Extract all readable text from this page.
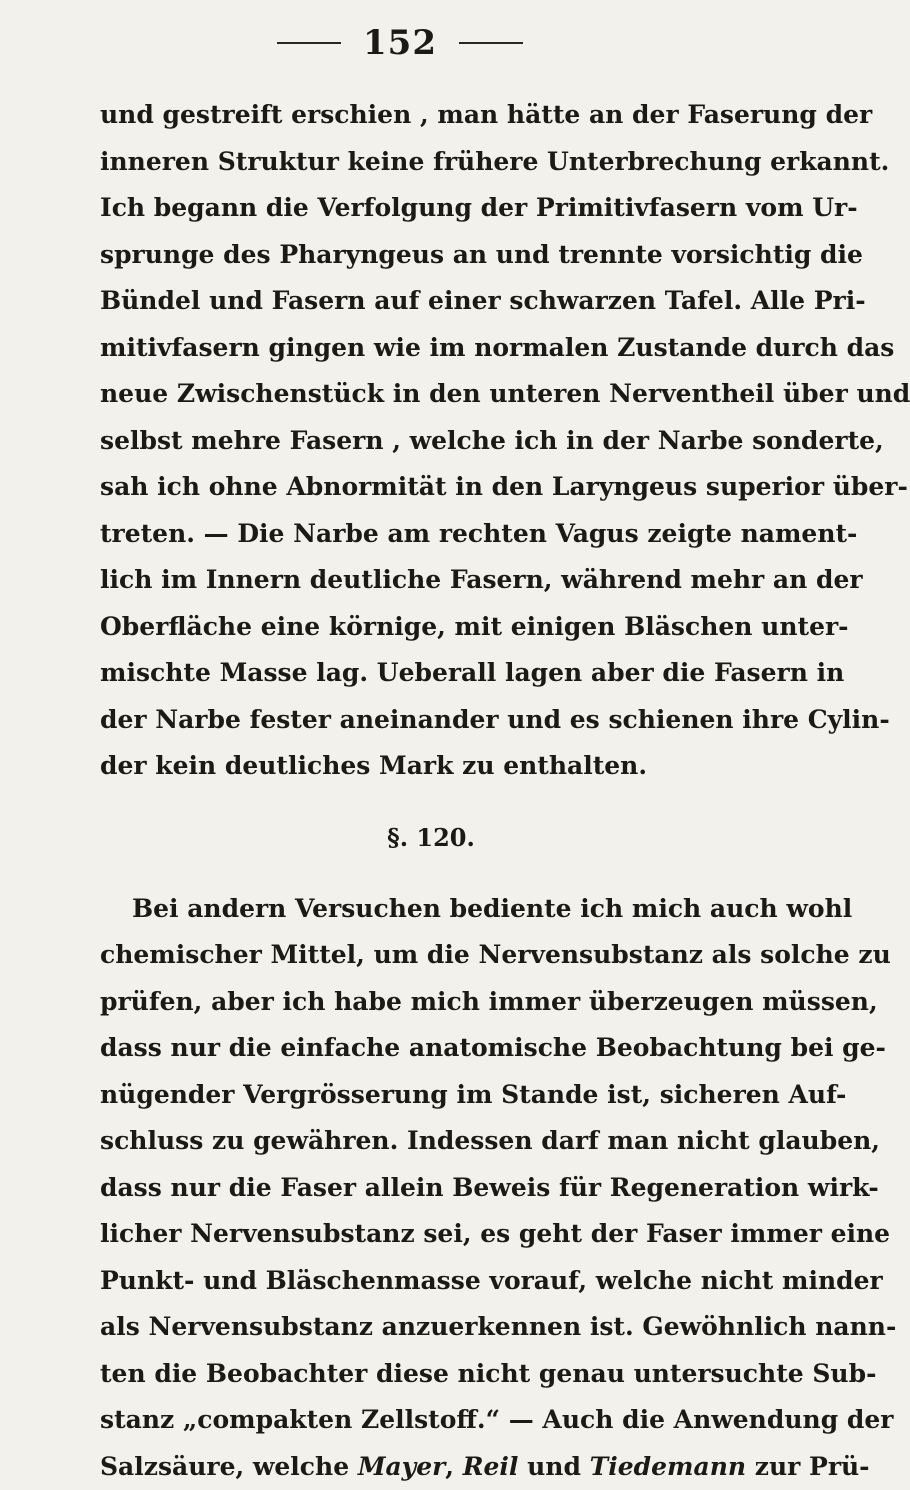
152
und gestreift erschien , man hätte an der Faserung der
inneren Struktur keine frühere Unterbrechung erkannt.
Ich begann die Verfolgung der Primitivfasern vom Ur-
sprunge des Pharyngeus an und trennte vorsichtig die
Bündel und Fasern auf einer schwarzen Tafel. Alle Pri-
mitivfasern gingen wie im normalen Zustande durch das
neue Zwischenstück in den unteren Nerventheil über und
selbst mehre Fasern , welche ich in der Narbe sonderte,
sah ich ohne Abnormität in den Laryngeus superior über-
treten. — Die Narbe am rechten Vagus zeigte nament-
lich im Innern deutliche Fasern, während mehr an der
Oberfläche eine körnige, mit einigen Bläschen unter-
mischte Masse lag. Ueberall lagen aber die Fasern in
der Narbe fester aneinander und es schienen ihre Cylin-
der kein deutliches Mark zu enthalten.
§. 120.
Bei andern Versuchen bediente ich mich auch wohl
chemischer Mittel, um die Nervensubstanz als solche zu
prüfen, aber ich habe mich immer überzeugen müssen,
dass nur die einfache anatomische Beobachtung bei ge-
nügender Vergrösserung im Stande ist, sicheren Auf-
schluss zu gewähren. Indessen darf man nicht glauben,
dass nur die Faser allein Beweis für Regeneration wirk-
licher Nervensubstanz sei, es geht der Faser immer eine
Punkt- und Bläschenmasse vorauf, welche nicht minder
als Nervensubstanz anzuerkennen ist. Gewöhnlich nann-
ten die Beobachter diese nicht genau untersuchte Sub-
stanz „compakten Zellstoff.“ — Auch die Anwendung der
Salzsäure, welche Mayer, Reil und Tiedemann zur Prü-
